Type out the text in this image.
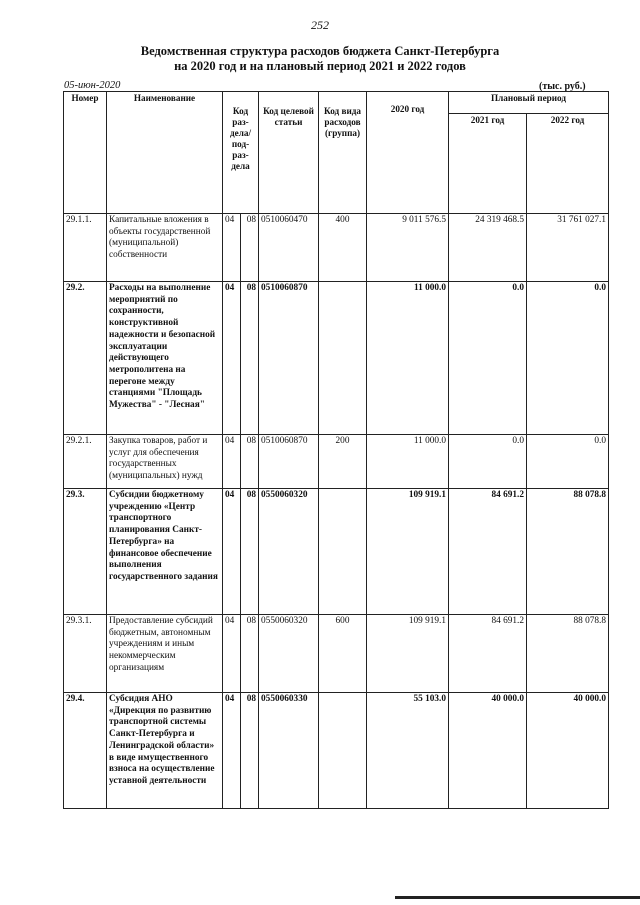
252
Ведомственная структура расходов бюджета Санкт-Петербурга
на 2020 год и на плановый период 2021 и 2022 годов
05-июн-2020	(тыс. руб.)
Номер	Наименование	Код раз-дела/ под-раз-дела		Код целевой статьи	Код вида расходов (группа)	2020 год	Плановый период	
							2021 год	2022 год
29.1.1.	Капитальные вложения в объекты государственной (муниципальной) собственности	04	08	0510060470	400	9 011 576.5	24 319 468.5	31 761 027.1
29.2.	Расходы на выполнение мероприятий по сохранности, конструктивной надежности и безопасной эксплуатации действующего метрополитена на перегоне между станциями "Площадь Мужества" - "Лесная"	04	08	0510060870		11 000.0	0.0	0.0
29.2.1.	Закупка товаров, работ и услуг для обеспечения государственных (муниципальных) нужд	04	08	0510060870	200	11 000.0	0.0	0.0
29.3.	Субсидии бюджетному учреждению «Центр транспортного планирования Санкт-Петербурга» на финансовое обеспечение выполнения государственного задания	04	08	0550060320		109 919.1	84 691.2	88 078.8
29.3.1.	Предоставление субсидий бюджетным, автономным учреждениям и иным некоммерческим организациям	04	08	0550060320	600	109 919.1	84 691.2	88 078.8
29.4.	Субсидия АНО «Дирекция по развитию транспортной системы Санкт-Петербурга и Ленинградской области» в виде имущественного взноса на осуществление уставной деятельности	04	08	0550060330		55 103.0	40 000.0	40 000.0
